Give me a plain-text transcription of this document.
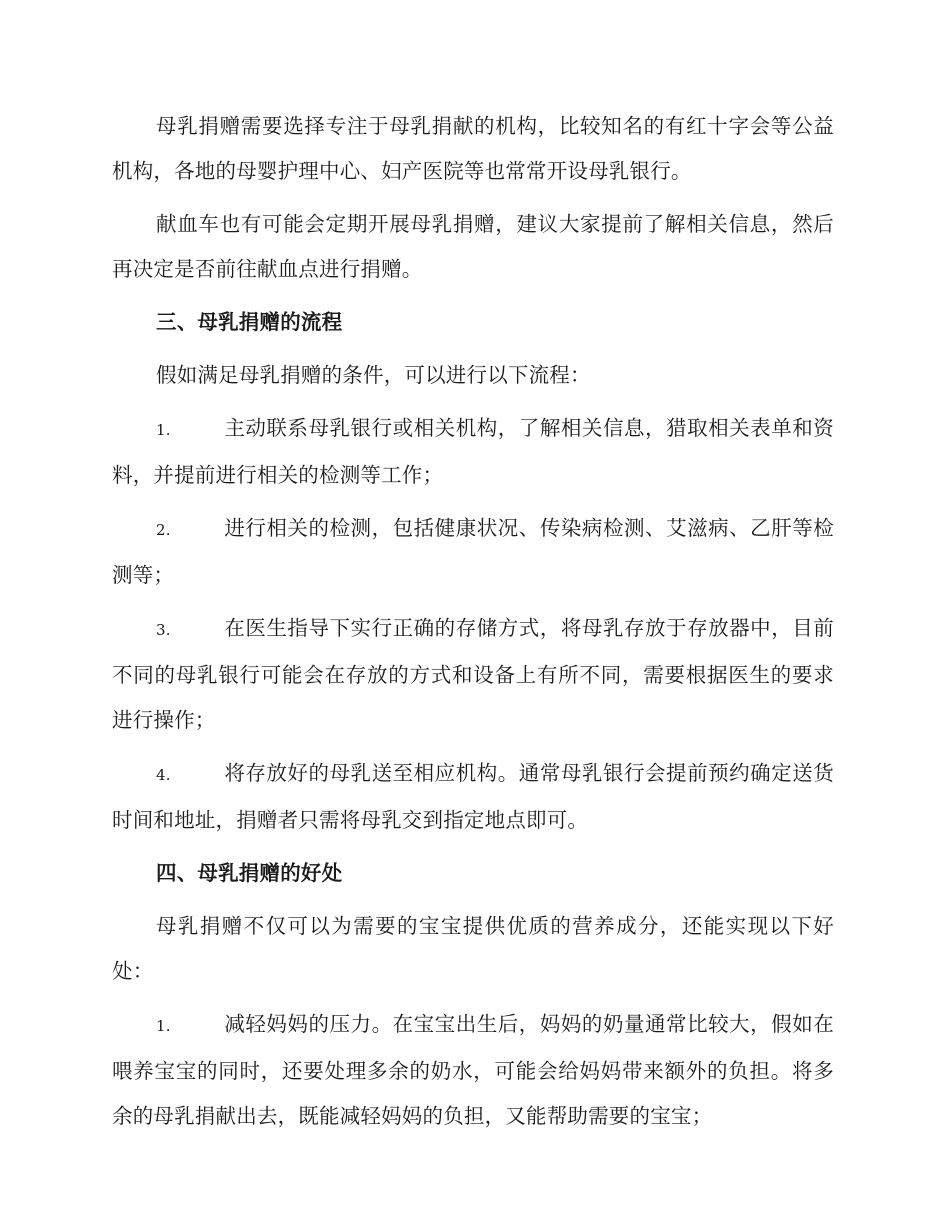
母乳捐赠需要选择专注于母乳捐献的机构，比较知名的有红十字会等公益机构，各地的母婴护理中心、妇产医院等也常常开设母乳银行。

献血车也有可能会定期开展母乳捐赠，建议大家提前了解相关信息，然后再决定是否前往献血点进行捐赠。

三、母乳捐赠的流程

假如满足母乳捐赠的条件，可以进行以下流程：

1.	主动联系母乳银行或相关机构，了解相关信息，猎取相关表单和资料，并提前进行相关的检测等工作；

2.	进行相关的检测，包括健康状况、传染病检测、艾滋病、乙肝等检测等；

3.	在医生指导下实行正确的存储方式，将母乳存放于存放器中，目前不同的母乳银行可能会在存放的方式和设备上有所不同，需要根据医生的要求进行操作；

4.	将存放好的母乳送至相应机构。通常母乳银行会提前预约确定送货时间和地址，捐赠者只需将母乳交到指定地点即可。

四、母乳捐赠的好处

母乳捐赠不仅可以为需要的宝宝提供优质的营养成分，还能实现以下好处：

1.	减轻妈妈的压力。在宝宝出生后，妈妈的奶量通常比较大，假如在喂养宝宝的同时，还要处理多余的奶水，可能会给妈妈带来额外的负担。将多余的母乳捐献出去，既能减轻妈妈的负担，又能帮助需要的宝宝；
